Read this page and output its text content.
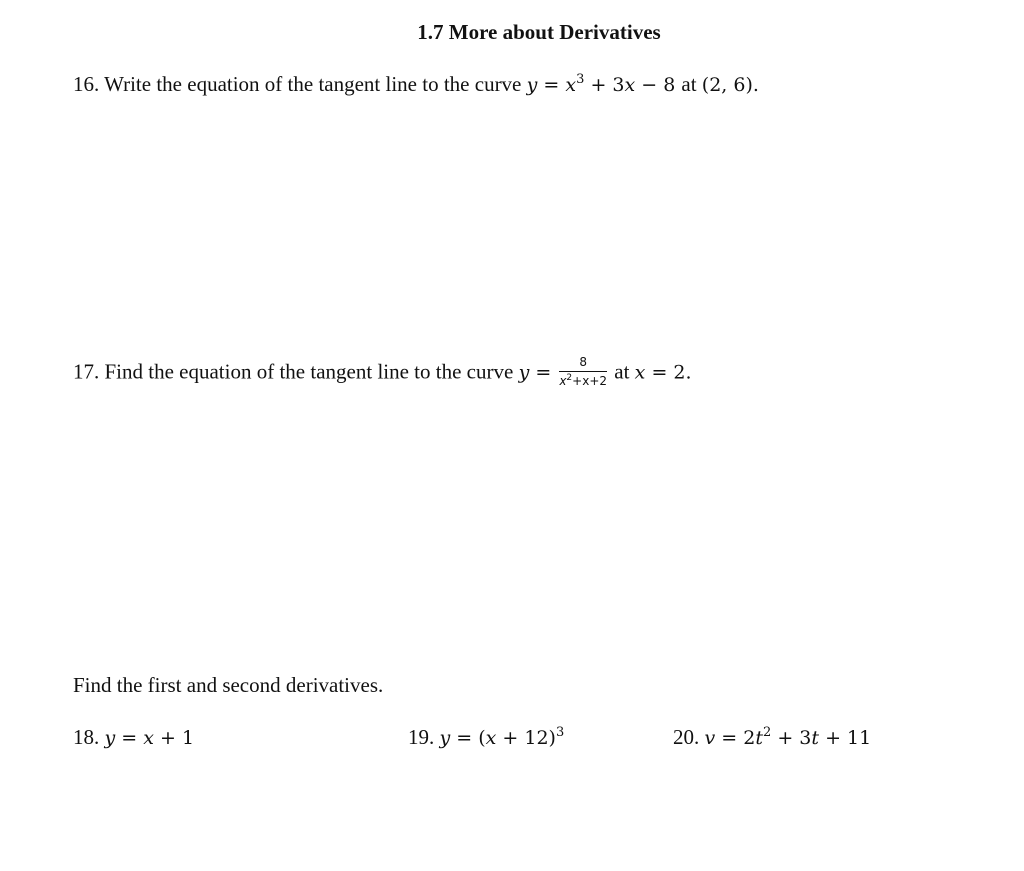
1.7 More about Derivatives
16. Write the equation of the tangent line to the curve $y = x^3 + 3x - 8$ at (2, 6).
17. Find the equation of the tangent line to the curve $y = \frac{8}{x^2+x+2}$ at x = 2.
Find the first and second derivatives.
18. y = x + 1	19. $y = (x + 12)^3$	20. $v = 2t^2 + 3t + 11$
